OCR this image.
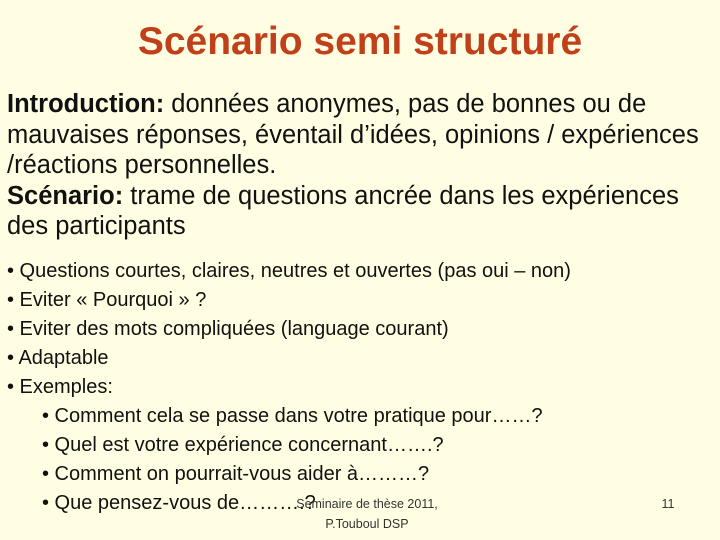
Scénario semi structuré
Introduction: données anonymes, pas de bonnes ou de mauvaises réponses, éventail d’idées, opinions / expériences /réactions personnelles.
Scénario: trame de questions ancrée dans les expériences des participants
• Questions courtes, claires, neutres et ouvertes (pas oui – non)
• Eviter « Pourquoi » ?
• Eviter des mots compliquées (language courant)
• Adaptable
• Exemples:
• Comment cela se passe dans votre pratique pour……?
• Quel est votre expérience concernant…….?
• Comment on pourrait-vous aider à………?
• Que pensez-vous de……….?
Seminaire de thèse 2011,
P.Touboul DSP
11
